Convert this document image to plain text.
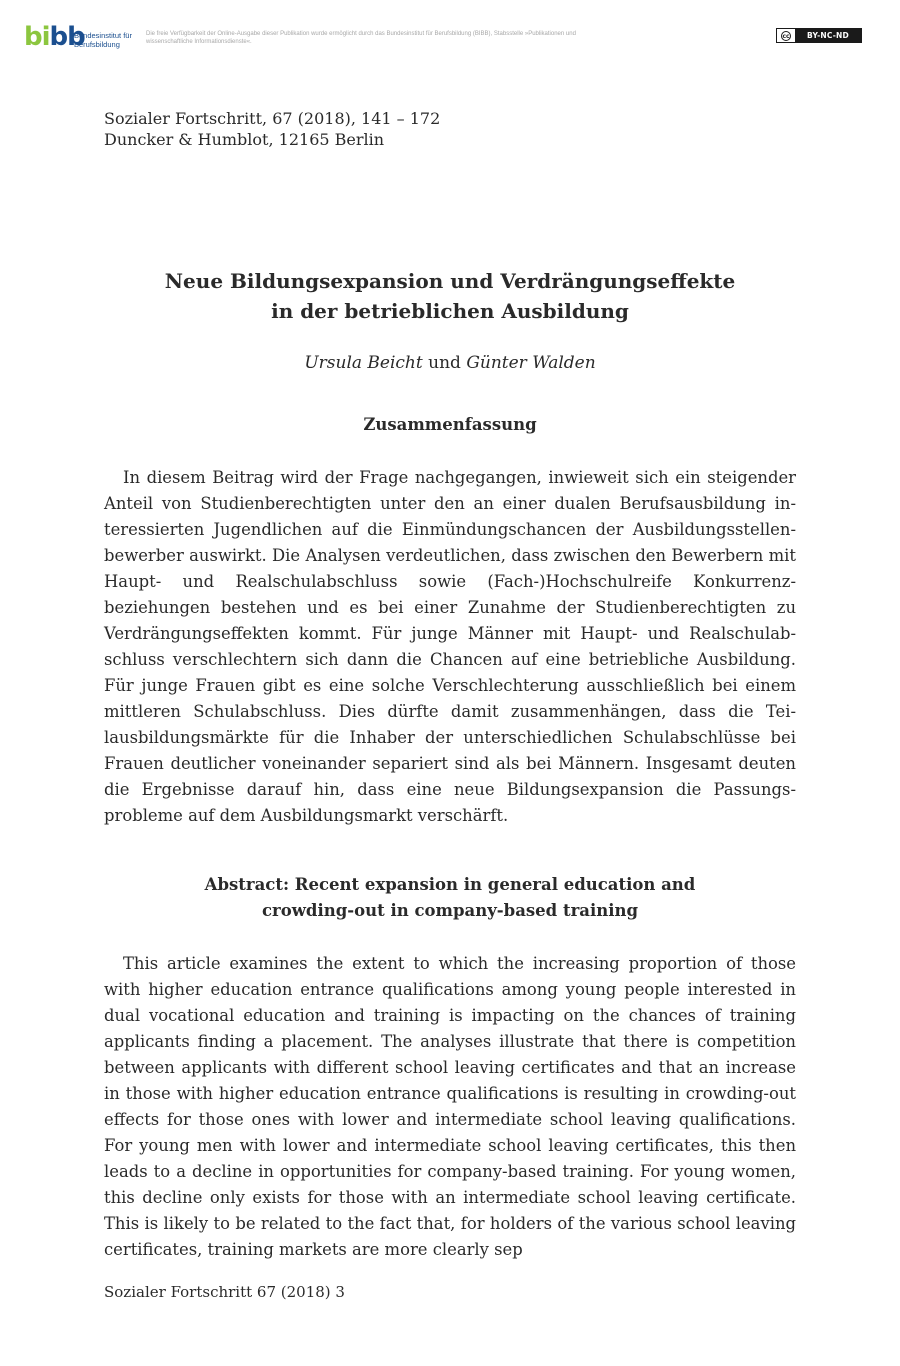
bibb
Bundesinstitut für
Berufsbildung
Die freie Verfügbarkeit der Online-Ausgabe dieser Publikation wurde ermöglicht durch das Bundesinstitut für Berufsbildung (BIBB), Stabsstelle »Publikationen und wissenschaftliche Informationsdienste«.
cc	BY-NC-ND
Sozialer Fortschritt, 67 (2018), 141 – 172
Duncker & Humblot, 12165 Berlin
Neue Bildungsexpansion und Verdrängungseffekte
in der betrieblichen Ausbildung
Ursula Beicht und Günter Walden
Zusammenfassung

In diesem Beitrag wird der Frage nachgegangen, inwieweit sich ein steigender Anteil von Studienberechtigten unter den an einer dualen Berufsausbildung interessierten Jugendlichen auf die Einmündungschancen der Ausbildungsstellenbewerber auswirkt. Die Analysen verdeutlichen, dass zwischen den Bewerbern mit Haupt- und Realschulabschluss sowie (Fach-)Hochschulreife Konkurrenzbeziehungen bestehen und es bei einer Zunahme der Studienberechtigten zu Verdrängungseffekten kommt. Für junge Männer mit Haupt- und Realschulabschluss verschlechtern sich dann die Chancen auf eine betriebliche Ausbildung. Für junge Frauen gibt es eine solche Verschlechterung ausschließlich bei einem mittleren Schulabschluss. Dies dürfte damit zusammenhängen, dass die Teilausbildungsmärkte für die Inhaber der unterschiedlichen Schulabschlüsse bei Frauen deutlicher voneinander separiert sind als bei Männern. Insgesamt deuten die Ergebnisse darauf hin, dass eine neue Bildungsexpansion die Passungsprobleme auf dem Ausbildungsmarkt verschärft.

Abstract: Recent expansion in general education and
crowding-out in company-based training

This article examines the extent to which the increasing proportion of those with higher education entrance qualifications among young people interested in dual vocational education and training is impacting on the chances of training applicants finding a placement. The analyses illustrate that there is competition between applicants with different school leaving certificates and that an increase in those with higher education entrance qualifications is resulting in crowding-out effects for those ones with lower and intermediate school leaving qualifications. For young men with lower and intermediate school leaving certificates, this then leads to a decline in opportunities for company-based training. For young women, this decline only exists for those with an intermediate school leaving certificate. This is likely to be related to the fact that, for holders of the various school leaving certificates, training markets are more clearly sep

Sozialer Fortschritt 67 (2018) 3
